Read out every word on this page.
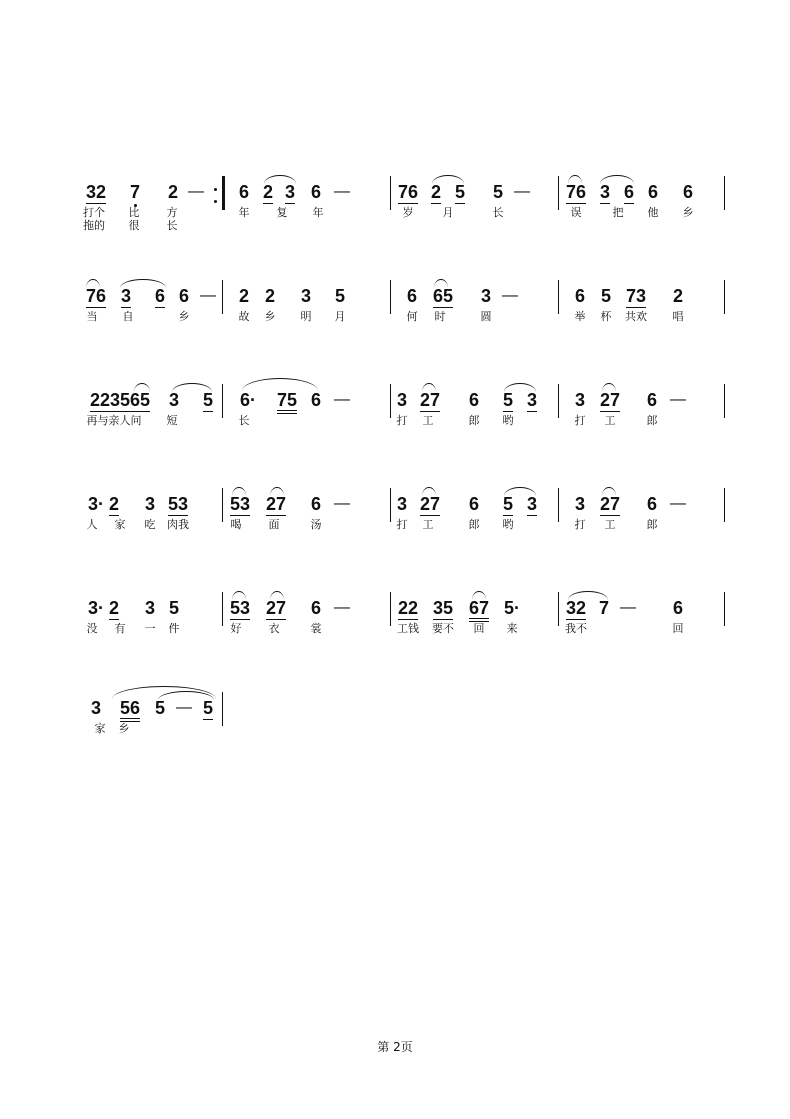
32 7 2 — 6 2 3 6 —	76 2 5 5 — 76 3 6 6 6
打个 比 方
拖的 很 长
年 复 年	岁	月	长	误	把 他 乡
76 3 6 6 — 2 2 3 5	6 65 3 —	6 5 73 2
当 自	乡	故 乡 明 月	何 时	圆	举 杯 共欢 唱
223565 3 5 6· 75 6 —	3 27 6 5 3 3 27 6 —
再与亲人问 短	长	打 工	郎 哟	打 工	郎
3· 2 3 53 53 27 6 —	3 27 6 5 3 3 27 6 —
人 家 吃 肉我	喝 面	汤	打 工	郎 哟	打 工	郎
3· 2 3 5	53 27 6 —	22 35 67 5·	32 7 — 6
没 有 一 件	好 衣	裳	工钱 要不 回 来	我不	回
3 56 5 — 5
家 乡
第 2页
